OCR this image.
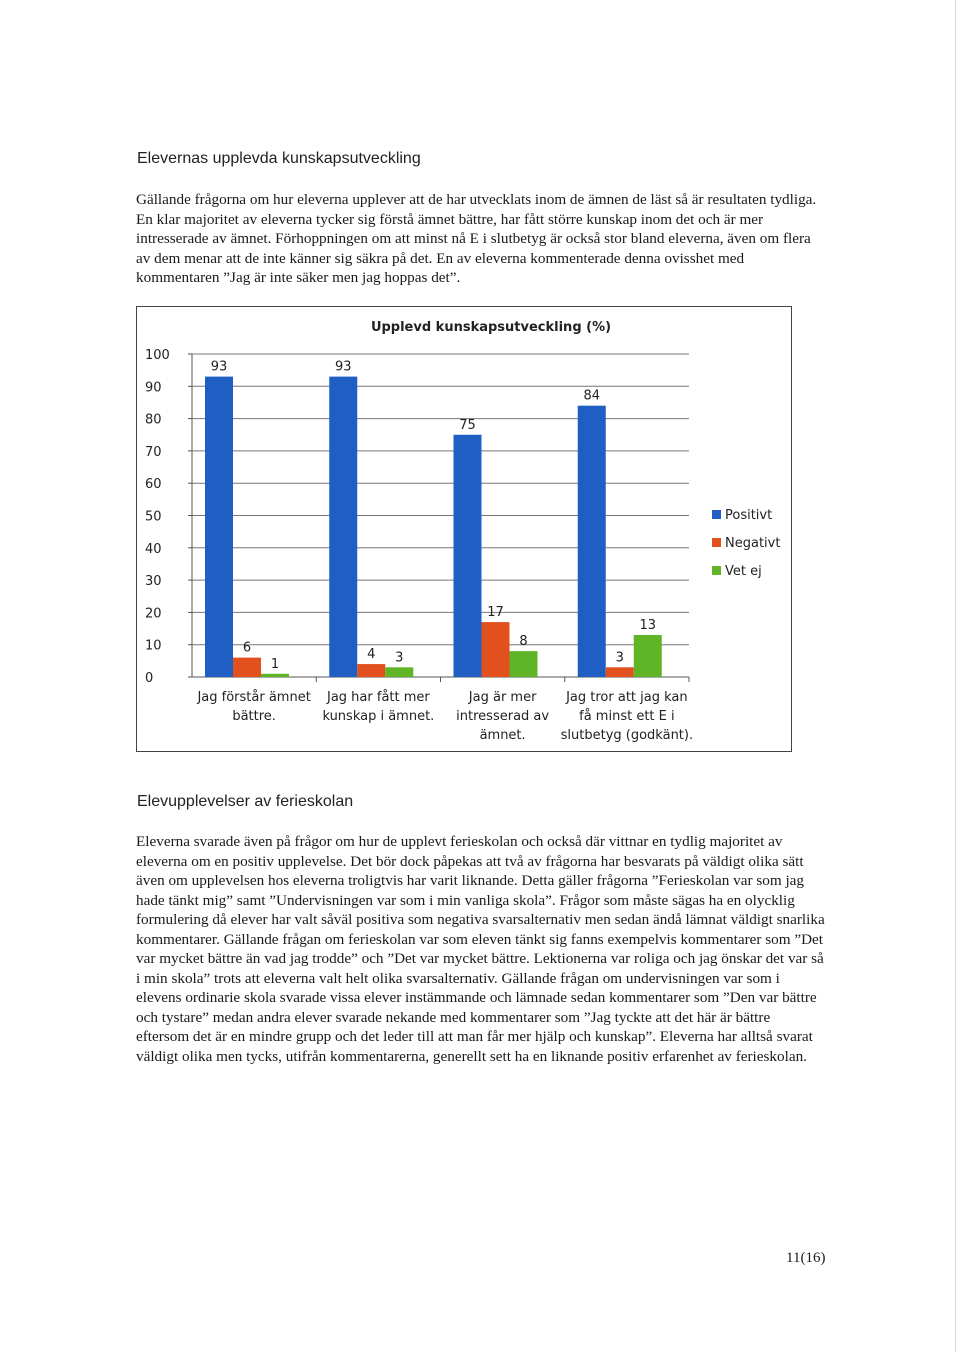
Elevernas upplevda kunskapsutveckling

Gällande frågorna om hur eleverna upplever att de har utvecklats inom de ämnen de läst så är resultaten tydliga. En klar majoritet av eleverna tycker sig förstå ämnet bättre, har fått större kunskap inom det och är mer intresserade av ämnet. Förhoppningen om att minst nå E i slutbetyg är också stor bland eleverna, även om flera av dem menar att de inte känner sig säkra på det. En av eleverna kommenterade denna ovisshet med kommentaren ”Jag är inte säker men jag hoppas det”.

Upplevd kunskapsutveckling (%)
0
10
20
30
40
50
60
70
80
90
100
93
6
1
Jag förstår ämnet
bättre.
93
4 3
Jag har fått mer
kunskap i ämnet.
75
17
8
Jag är mer
intresserad av
ämnet.
84
3
13
Jag tror att jag kan
få minst ett E i
slutbetyg (godkänt).
Positivt
Negativt
Vet ej
Elevupplevelser av ferieskolan

Eleverna svarade även på frågor om hur de upplevt ferieskolan och också där vittnar en tydlig majoritet av eleverna om en positiv upplevelse. Det bör dock påpekas att två av frågorna har besvarats på väldigt olika sätt även om upplevelsen hos eleverna troligtvis har varit liknande. Detta gäller frågorna ”Ferieskolan var som jag hade tänkt mig” samt ”Undervisningen var som i min vanliga skola”. Frågor som måste sägas ha en olycklig formulering då elever har valt såväl positiva som negativa svarsalternativ men sedan ändå lämnat väldigt snarlika kommentarer. Gällande frågan om ferieskolan var som eleven tänkt sig fanns exempelvis kommentarer som ”Det var mycket bättre än vad jag trodde” och ”Det var mycket bättre. Lektionerna var roliga och jag önskar det var så i min skola” trots att eleverna valt helt olika svarsalternativ. Gällande frågan om undervisningen var som i elevens ordinarie skola svarade vissa elever instämmande och lämnade sedan kommentarer som ”Den var bättre och tystare” medan andra elever svarade nekande med kommentarer som ”Jag tyckte att det här är bättre eftersom det är en mindre grupp och det leder till att man får mer hjälp och kunskap”. Eleverna har alltså svarat väldigt olika men tycks, utifrån kommentarerna, generellt sett ha en liknande positiv erfarenhet av ferieskolan.

11(16)
